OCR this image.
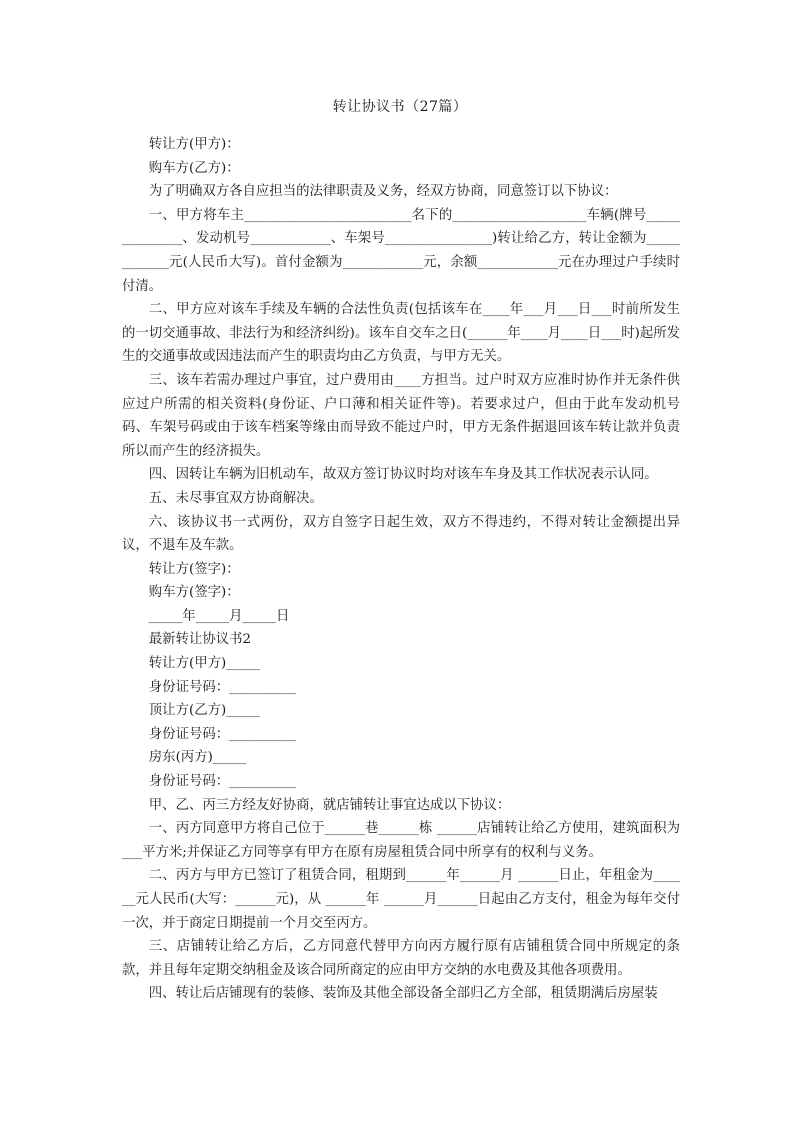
转让协议书（27篇）

转让方(甲方)：

购车方(乙方)：

为了明确双方各自应担当的法律职责及义务，经双方协商，同意签订以下协议：

一、甲方将车主_________________________名下的____________________车辆(牌号______________、发动机号____________、车架号________________)转让给乙方，转让金额为____________元(人民币大写)。首付金额为____________元，余额____________元在办理过户手续时付清。

二、甲方应对该车手续及车辆的合法性负责(包括该车在____年___月___日___时前所发生的一切交通事故、非法行为和经济纠纷)。该车自交车之日(______年____月____日___时)起所发生的交通事故或因违法而产生的职责均由乙方负责，与甲方无关。

三、该车若需办理过户事宜，过户费用由____方担当。过户时双方应准时协作并无条件供应过户所需的相关资料(身份证、户口薄和相关证件等)。若要求过户，但由于此车发动机号码、车架号码或由于该车档案等缘由而导致不能过户时，甲方无条件据退回该车转让款并负责所以而产生的经济损失。

四、因转让车辆为旧机动车，故双方签订协议时均对该车车身及其工作状况表示认同。

五、未尽事宜双方协商解决。

六、该协议书一式两份，双方自签字日起生效，双方不得违约，不得对转让金额提出异议，不退车及车款。

转让方(签字)：

购车方(签字)：

_____年_____月_____日

最新转让协议书2

转让方(甲方)_____

身份证号码：__________

顶让方(乙方)_____

身份证号码：__________

房东(丙方)_____

身份证号码：__________

甲、乙、丙三方经友好协商，就店铺转让事宜达成以下协议：

一、丙方同意甲方将自己位于______巷______栋 ______店铺转让给乙方使用，建筑面积为___平方米;并保证乙方同等享有甲方在原有房屋租赁合同中所享有的权利与义务。

二、丙方与甲方已签订了租赁合同，租期到______年______月 ______日止，年租金为______元人民币(大写：______元)，从 ______年 ______月______日起由乙方支付，租金为每年交付一次，并于商定日期提前一个月交至丙方。

三、店铺转让给乙方后，乙方同意代替甲方向丙方履行原有店铺租赁合同中所规定的条款，并且每年定期交纳租金及该合同所商定的应由甲方交纳的水电费及其他各项费用。

四、转让后店铺现有的装修、装饰及其他全部设备全部归乙方全部，租赁期满后房屋装
